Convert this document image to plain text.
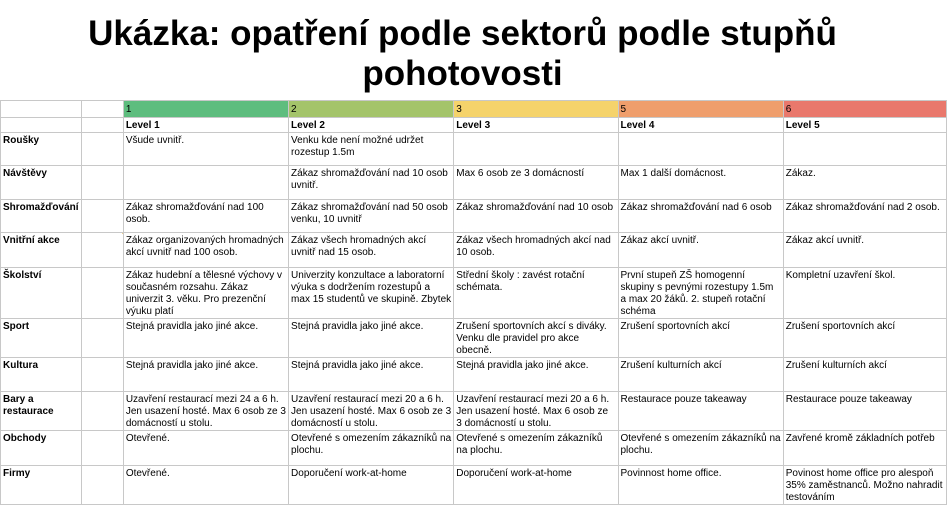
Ukázka: opatření podle sektorů podle stupňů
pohotovosti
		1	2	3	5	6
		Level 1	Level 2	Level 3	Level 4	Level 5
Roušky		Všude uvnitř.	Venku kde není možné udržet rozestup 1.5m			
Návštěvy			Zákaz shromažďování nad 10 osob uvnitř.	Max 6 osob ze 3 domácností	Max 1 další domácnost.	Zákaz.
Shromažďování		Zákaz shromažďování nad 100 osob.	Zákaz shromažďování nad 50 osob venku, 10 uvnitř	Zákaz shromažďování nad 10 osob	Zákaz shromažďování nad 6 osob	Zákaz shromažďování nad 2 osob.
Vnitřní akce		Zákaz organizovaných hromadných akcí uvnitř nad 100 osob.	Zákaz všech hromadných akcí uvnitř nad 15 osob.	Zákaz všech hromadných akcí nad 10 osob.	Zákaz akcí uvnitř.	Zákaz akcí uvnitř.
Školství		Zákaz hudební a tělesné výchovy v současném rozsahu. Zákaz univerzit 3. věku. Pro prezenční výuku platí	Univerzity konzultace a laboratorní výuka s dodržením rozestupů a max 15 studentů ve skupině. Zbytek	Střední školy : zavést rotační schémata.	První stupeň ZŠ homogenní skupiny s pevnými rozestupy 1.5m a max 20 žáků. 2. stupeň rotační schéma	Kompletní uzavření škol.
Sport		Stejná pravidla jako jiné akce.	Stejná pravidla jako jiné akce.	Zrušení sportovních akcí s diváky. Venku dle pravidel pro akce obecně.	Zrušení sportovních akcí	Zrušení sportovních akcí
Kultura		Stejná pravidla jako jiné akce.	Stejná pravidla jako jiné akce.	Stejná pravidla jako jiné akce.	Zrušení kulturních akcí	Zrušení kulturních akcí
Bary a restaurace		Uzavření restaurací mezi 24 a 6 h. Jen usazení hosté. Max 6 osob ze 3 domácností u stolu.	Uzavření restaurací mezi 20 a 6 h. Jen usazení hosté. Max 6 osob ze 3 domácností u stolu.	Uzavření restaurací mezi 20 a 6 h. Jen usazení hosté. Max 6 osob ze 3 domácností u stolu.	Restaurace pouze takeaway	Restaurace pouze takeaway
Obchody		Otevřené.	Otevřené s omezením zákazníků na plochu.	Otevřené s omezením zákazníků na plochu.	Otevřené s omezením zákazníků na plochu.	Zavřené kromě základních potřeb
Firmy		Otevřené.	Doporučení work-at-home	Doporučení work-at-home	Povinnost home office.	Povinost home office pro alespoň 35% zaměstnanců. Možno nahradit testováním
